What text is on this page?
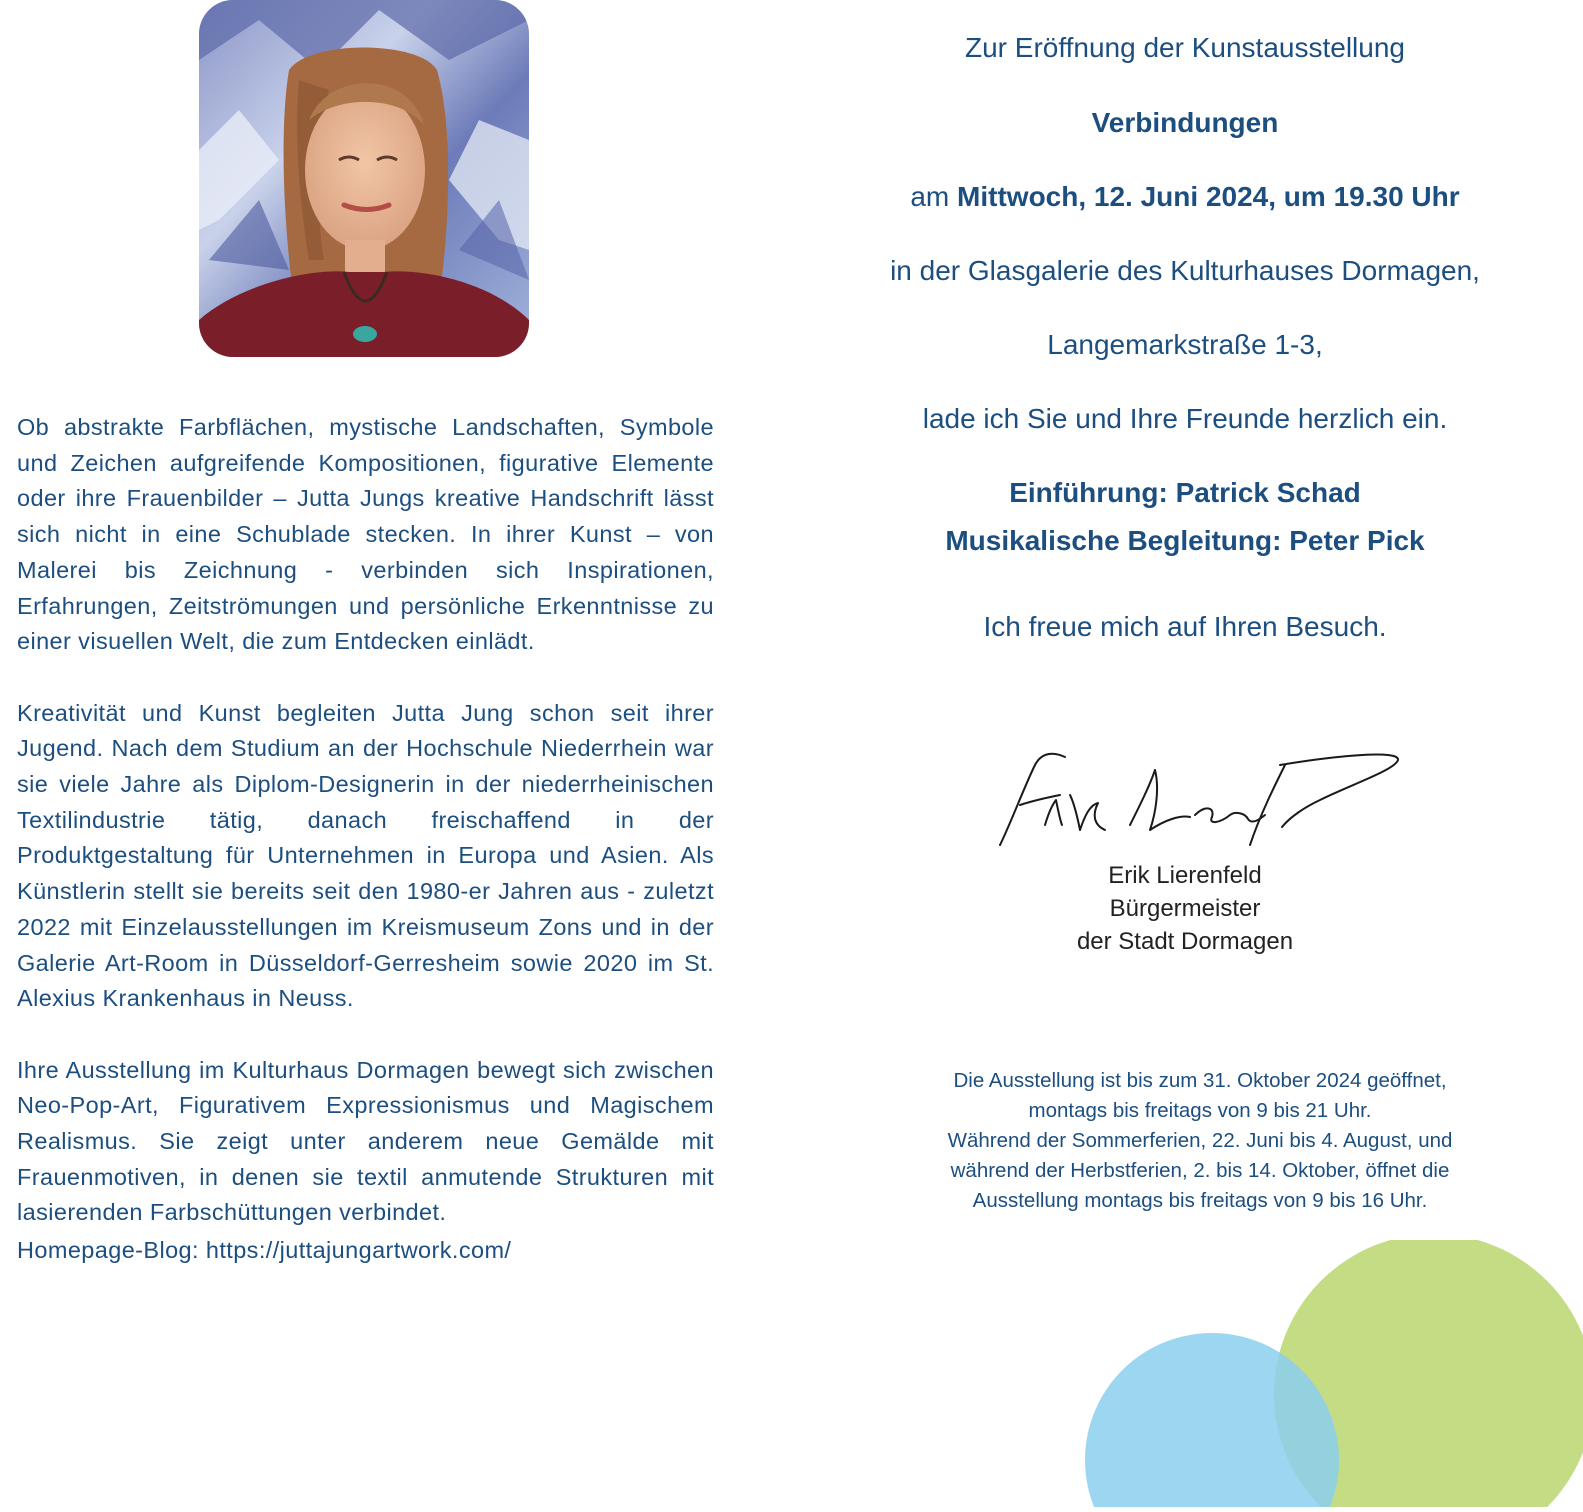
Ob abstrakte Farbflächen, mystische Landschaften, Symbole und Zeichen aufgreifende Kompositionen, figurative Elemente oder ihre Frauenbilder – Jutta Jungs kreative Handschrift lässt sich nicht in eine Schublade stecken. In ihrer Kunst – von Malerei bis Zeichnung - verbinden sich Inspirationen, Erfahrungen, Zeitströmungen und persönliche Erkenntnisse zu einer visuellen Welt, die zum Entdecken einlädt.

Kreativität und Kunst begleiten Jutta Jung schon seit ihrer Jugend. Nach dem Studium an der Hochschule Niederrhein war sie viele Jahre als Diplom-Designerin in der niederrheinischen Textilindustrie tätig, danach freischaffend in der Produktgestaltung für Unternehmen in Europa und Asien. Als Künstlerin stellt sie bereits seit den 1980-er Jahren aus - zuletzt 2022 mit Einzelausstellungen im Kreismuseum Zons und in der Galerie Art-Room in Düsseldorf-Gerresheim sowie 2020 im St. Alexius Krankenhaus in Neuss.

Ihre Ausstellung im Kulturhaus Dormagen bewegt sich zwischen Neo-Pop-Art, Figurativem Expressionismus und Magischem Realismus. Sie zeigt unter anderem neue Gemälde mit Frauenmotiven, in denen sie textil anmutende Strukturen mit lasierenden Farbschüttungen verbindet.

Homepage-Blog: https://juttajungartwork.com/

Zur Eröffnung der Kunstausstellung
Verbindungen
am Mittwoch, 12. Juni 2024, um 19.30 Uhr
in der Glasgalerie des Kulturhauses Dormagen,
Langemarkstraße 1-3,
lade ich Sie und Ihre Freunde herzlich ein.
Einführung: Patrick Schad
Musikalische Begleitung: Peter Pick
Ich freue mich auf Ihren Besuch.
Erik Lierenfeld
Bürgermeister
der Stadt Dormagen
Die Ausstellung ist bis zum 31. Oktober 2024 geöffnet,
montags bis freitags von 9 bis 21 Uhr.
Während der Sommerferien, 22. Juni bis 4. August, und
während der Herbstferien, 2. bis 14. Oktober, öffnet die
Ausstellung montags bis freitags von 9 bis 16 Uhr.
